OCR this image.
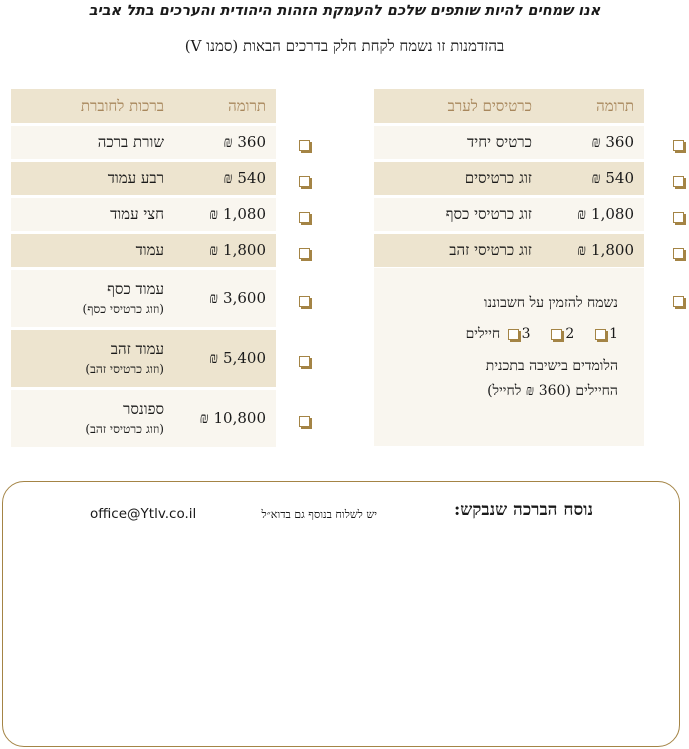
אנו שמחים להיות שותפים שלכם להעמקת הזהות היהודית והערכים בתל אביב
בהזדמנות זו נשמח לקחת חלק בדרכים הבאות (סמנו V)
תרומה
כרטיסים לערב
360 ₪
כרטיס יחיד
540 ₪
זוג כרטיסים
1,080 ₪
זוג כרטיסי כסף
1,800 ₪
זוג כרטיסי זהב
נשמח להזמין על חשבוננו
1    2    3 חיילים
הלומדים בישיבה בתכנית
החיילים (360 ₪ לחייל)
תרומה
ברכות לחוברת
360 ₪
שורת ברכה
540 ₪
רבע עמוד
1,080 ₪
חצי עמוד
1,800 ₪
עמוד
3,600 ₪
עמוד כסף
(וזוג כרטיסי כסף)
5,400 ₪
עמוד זהב
(וזוג כרטיסי זהב)
10,800 ₪
ספונסר
(וזוג כרטיסי זהב)
נוסח הברכה שנבקש:
יש לשלוח בנוסף גם בדוא״ל
office@Ytlv.co.il
